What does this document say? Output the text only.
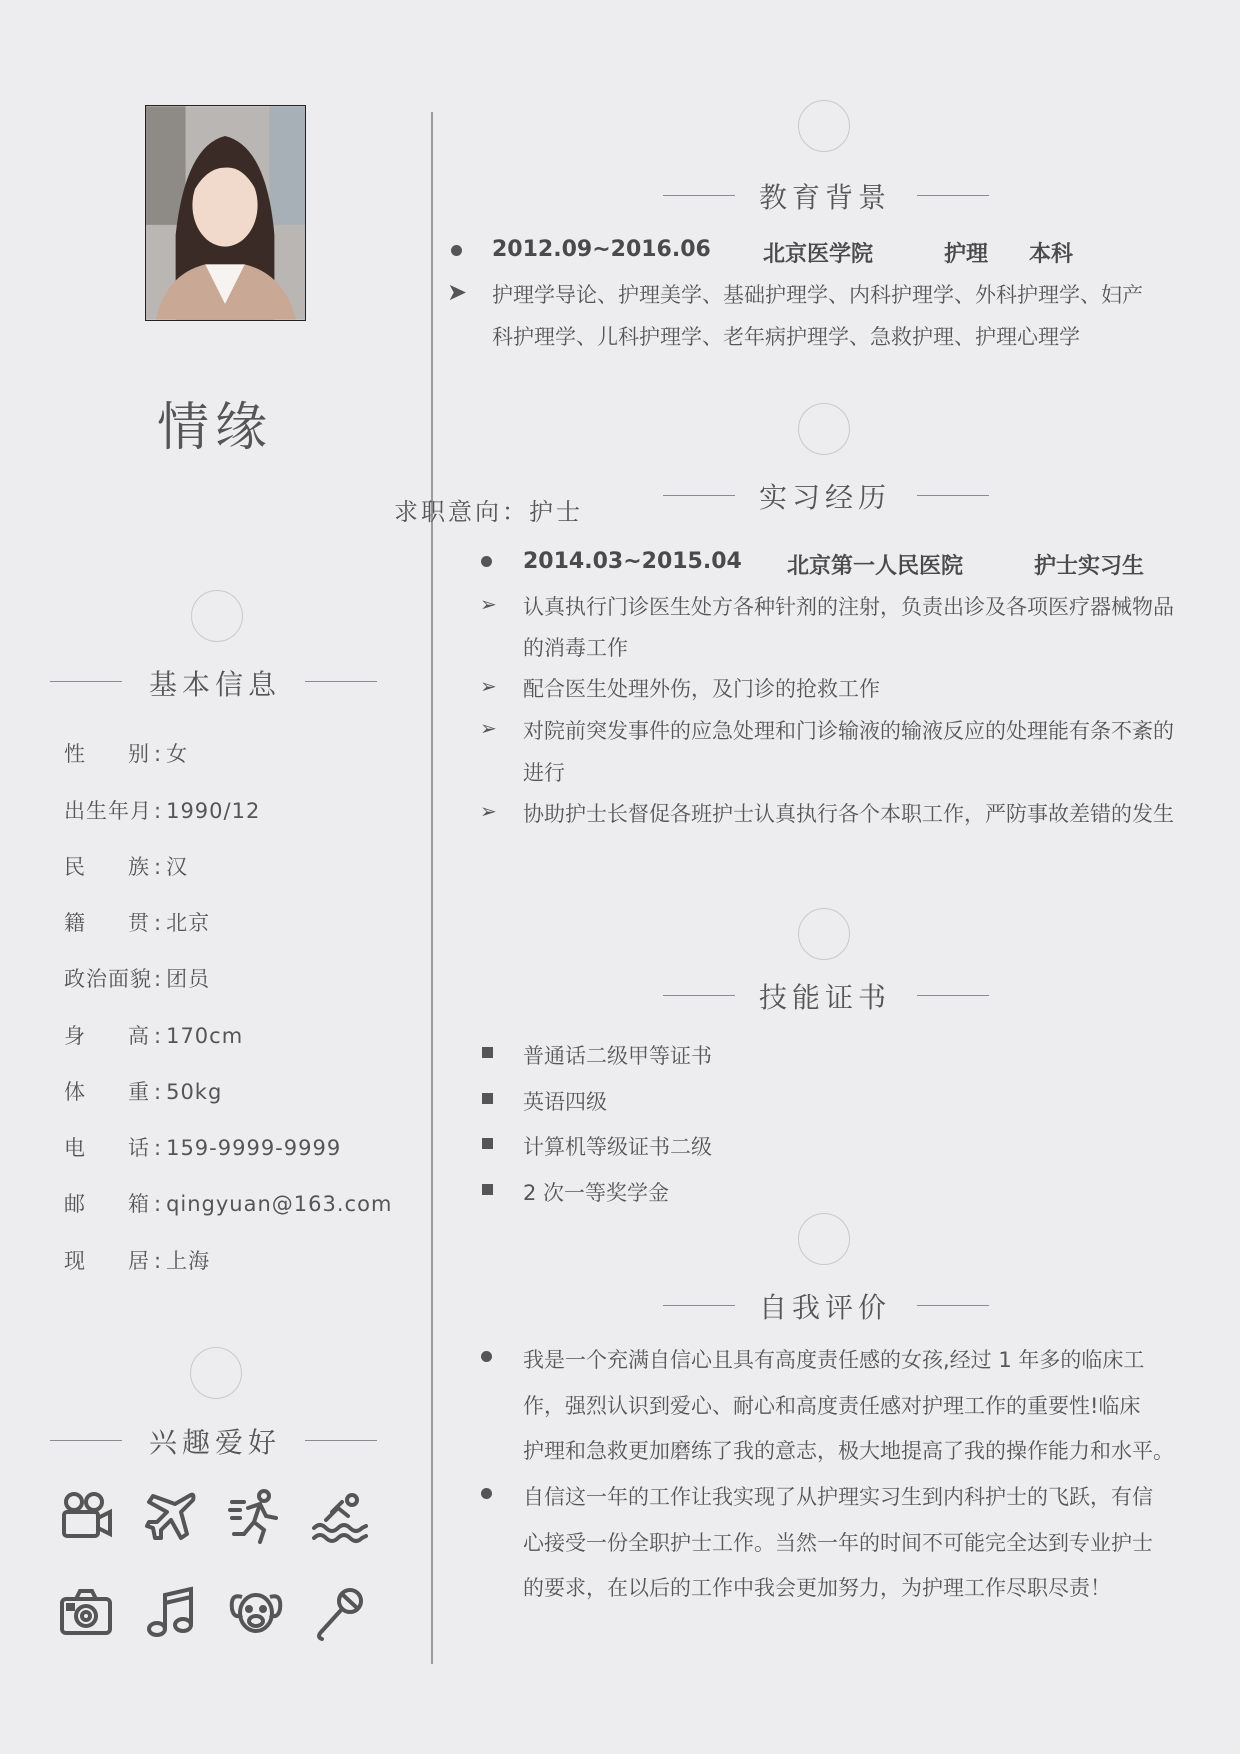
情缘
求职意向：护士
基本信息
性　别 : 女
出生年月: 1990/12
民　族 : 汉
籍　贯 : 北京
政治面貌: 团员
身　高 : 170cm
体　重 : 50kg
电　话 : 159-9999-9999
邮　箱 : qingyuan@163.com
现　居 : 上海
兴趣爱好
教育背景
2012.09~2016.06 北京医学院	护理 本科
➤ 护理学导论、护理美学、基础护理学、内科护理学、外科护理学、妇产
科护理学、儿科护理学、老年病护理学、急救护理、护理心理学
实习经历
2014.03~2015.04 北京第一人民医院	护士实习生
➢ 认真执行门诊医生处方各种针剂的注射，负责出诊及各项医疗器械物品
的消毒工作
➢ 配合医生处理外伤，及门诊的抢救工作
➢ 对院前突发事件的应急处理和门诊输液的输液反应的处理能有条不紊的
进行
➢ 协助护士长督促各班护士认真执行各个本职工作，严防事故差错的发生
技能证书
普通话二级甲等证书
英语四级
计算机等级证书二级
2 次一等奖学金
自我评价
我是一个充满自信心且具有高度责任感的女孩,经过 1 年多的临床工
作，强烈认识到爱心、耐心和高度责任感对护理工作的重要性!临床
护理和急救更加磨练了我的意志，极大地提高了我的操作能力和水平。
自信这一年的工作让我实现了从护理实习生到内科护士的飞跃，有信
心接受一份全职护士工作。当然一年的时间不可能完全达到专业护士
的要求，在以后的工作中我会更加努力，为护理工作尽职尽责！
